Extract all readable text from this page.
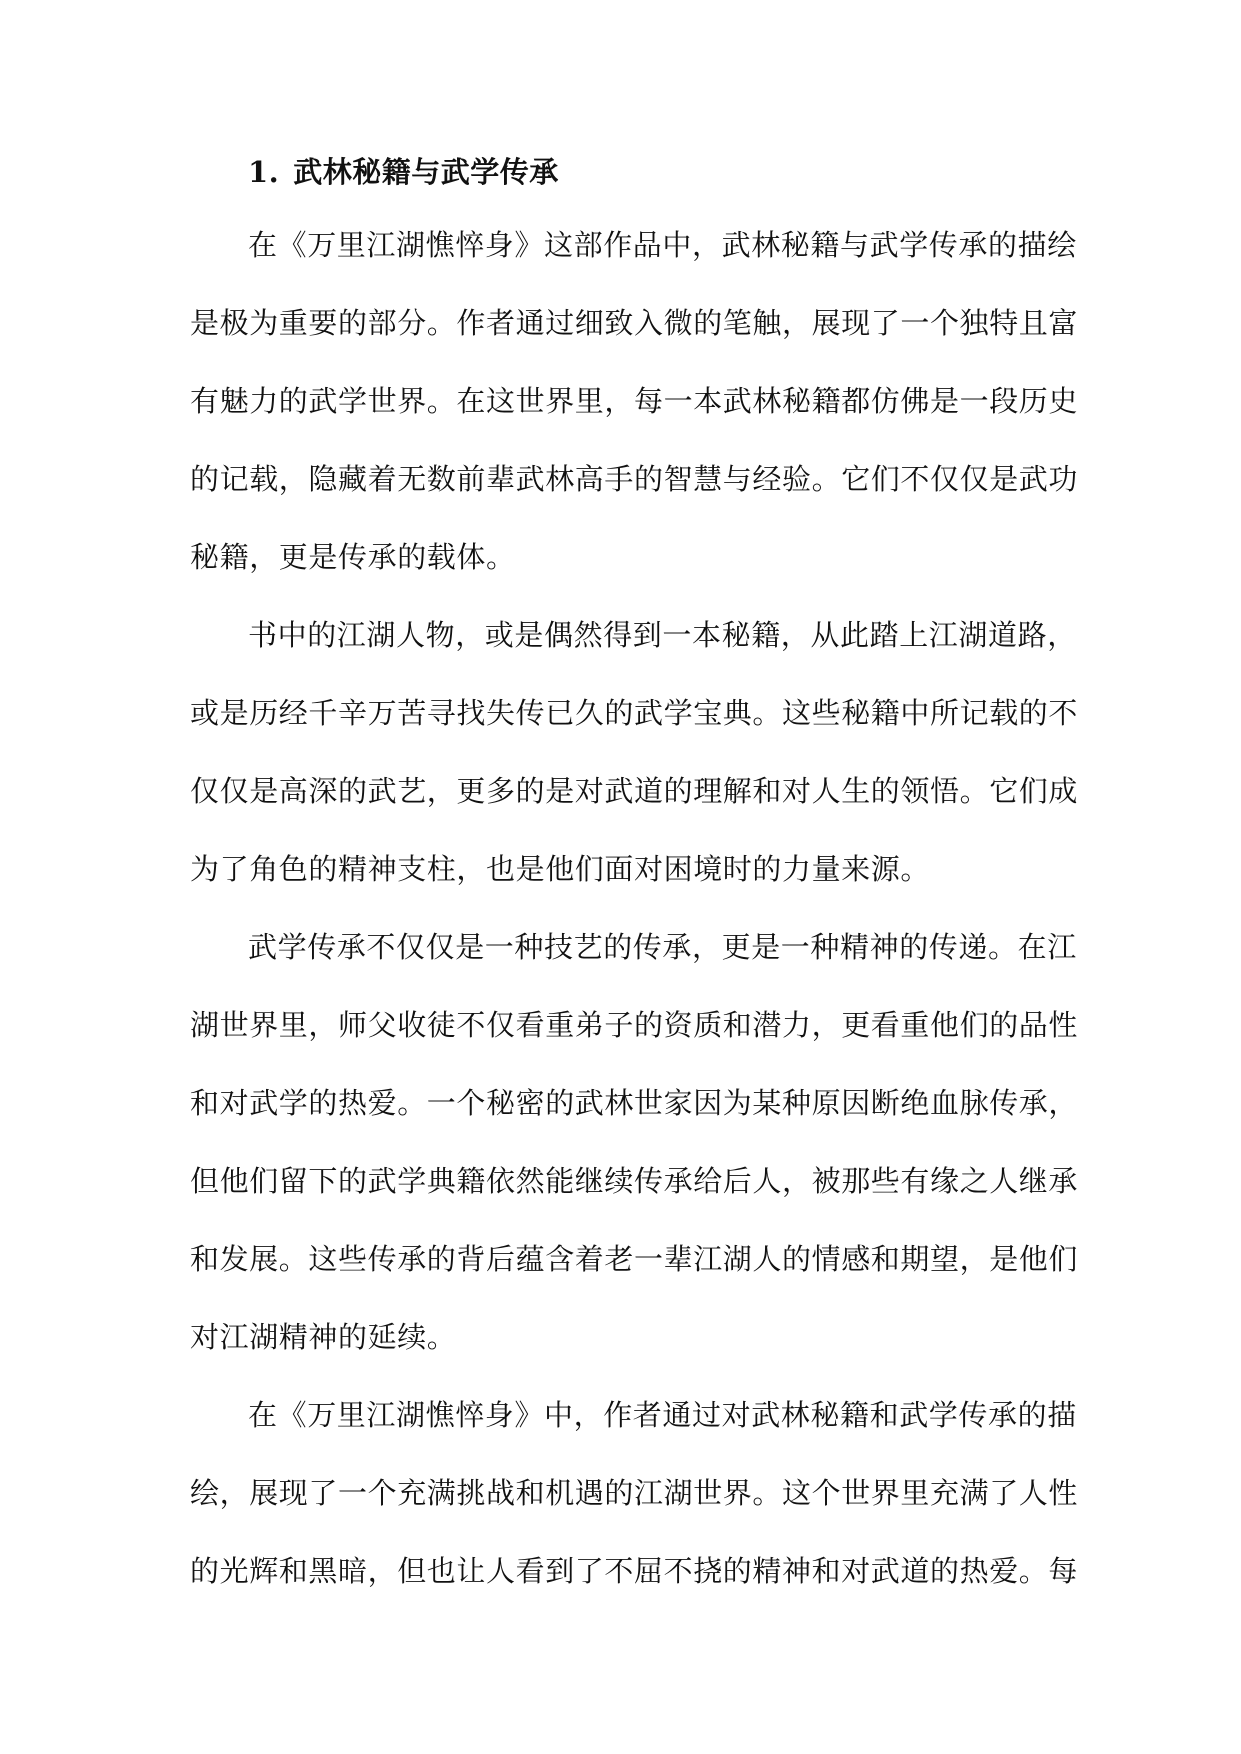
1. 武林秘籍与武学传承
在《万里江湖憔悴身》这部作品中，武林秘籍与武学传承的描绘
是极为重要的部分。作者通过细致入微的笔触，展现了一个独特且富
有魅力的武学世界。在这世界里，每一本武林秘籍都仿佛是一段历史
的记载，隐藏着无数前辈武林高手的智慧与经验。它们不仅仅是武功
秘籍，更是传承的载体。
书中的江湖人物，或是偶然得到一本秘籍，从此踏上江湖道路，
或是历经千辛万苦寻找失传已久的武学宝典。这些秘籍中所记载的不
仅仅是高深的武艺，更多的是对武道的理解和对人生的领悟。它们成
为了角色的精神支柱，也是他们面对困境时的力量来源。
武学传承不仅仅是一种技艺的传承，更是一种精神的传递。在江
湖世界里，师父收徒不仅看重弟子的资质和潜力，更看重他们的品性
和对武学的热爱。一个秘密的武林世家因为某种原因断绝血脉传承，
但他们留下的武学典籍依然能继续传承给后人，被那些有缘之人继承
和发展。这些传承的背后蕴含着老一辈江湖人的情感和期望，是他们
对江湖精神的延续。
在《万里江湖憔悴身》中，作者通过对武林秘籍和武学传承的描
绘，展现了一个充满挑战和机遇的江湖世界。这个世界里充满了人性
的光辉和黑暗，但也让人看到了不屈不挠的精神和对武道的热爱。每
